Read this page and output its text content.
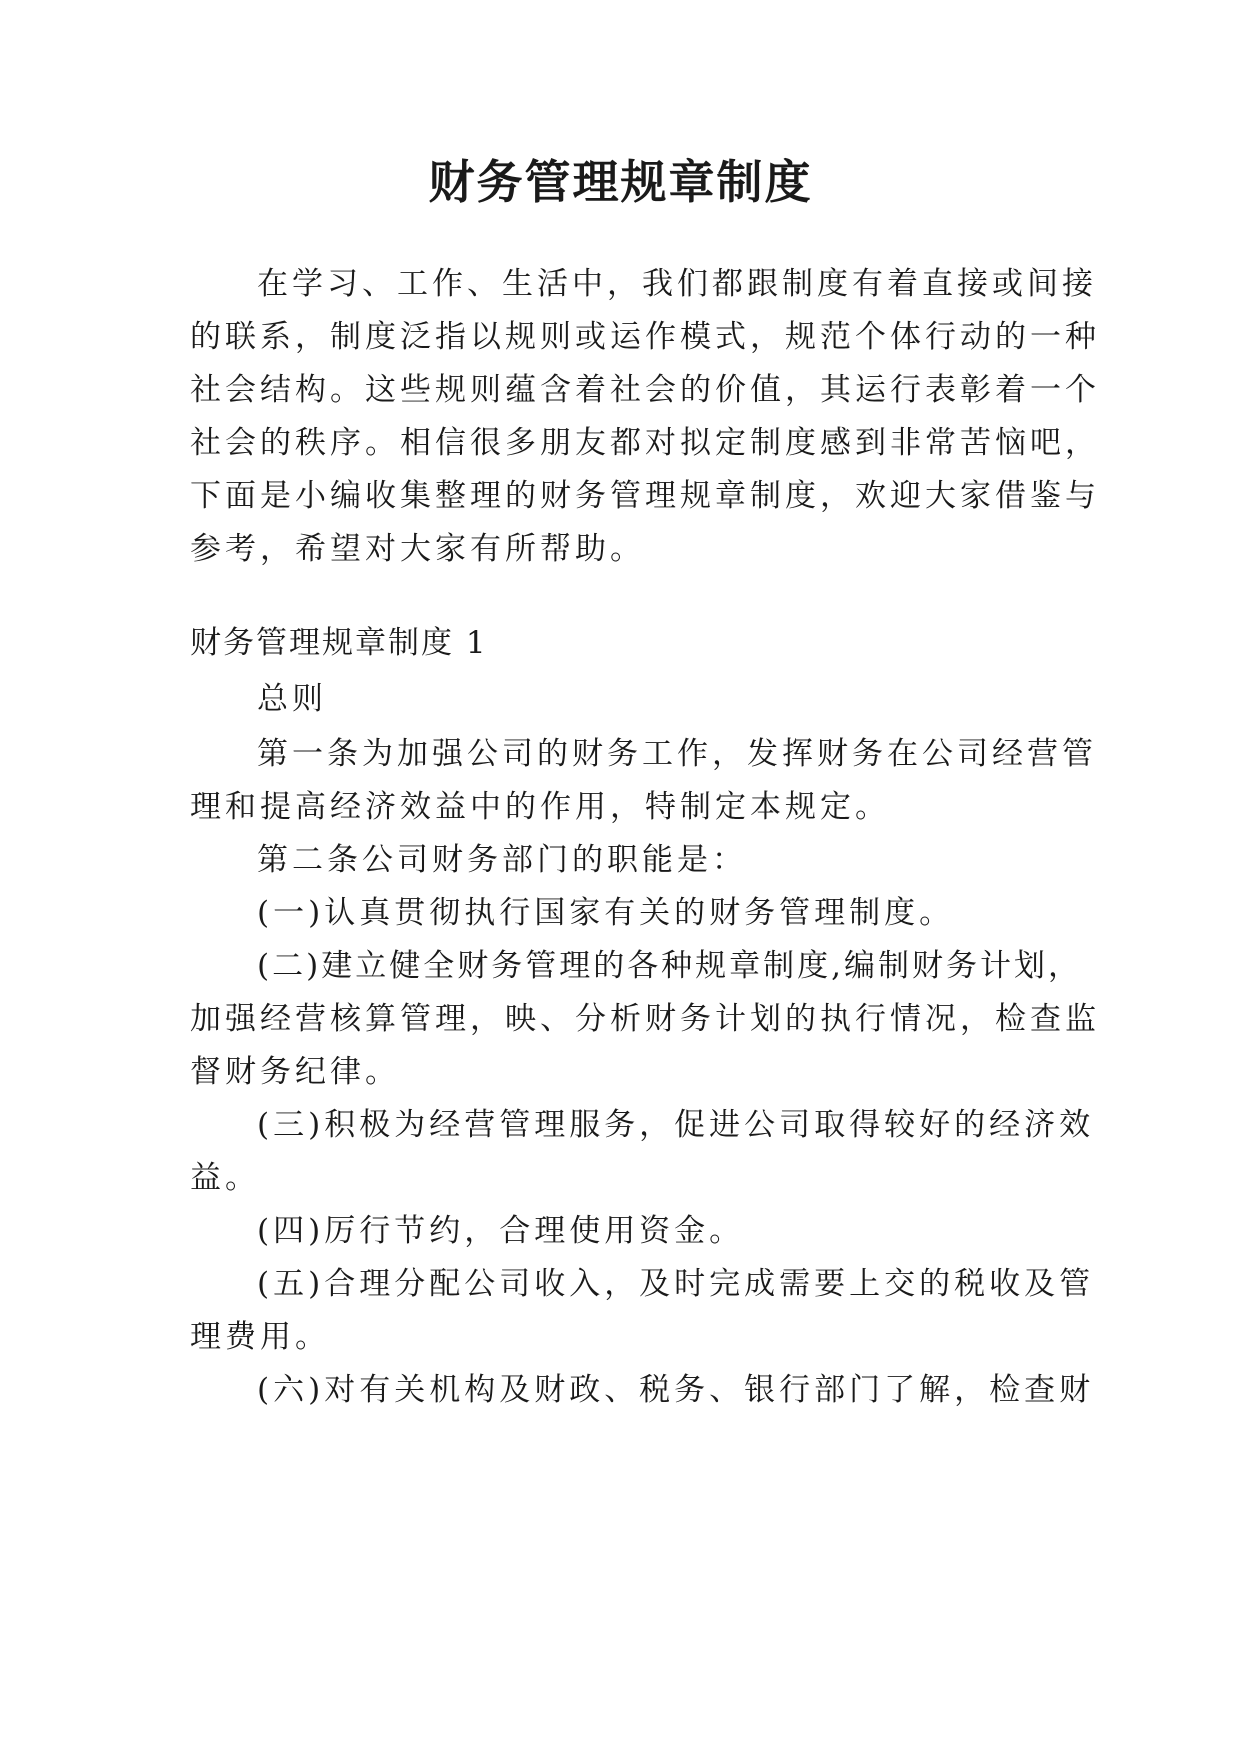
财务管理规章制度
在学习、工作、生活中，我们都跟制度有着直接或间接
的联系，制度泛指以规则或运作模式，规范个体行动的一种
社会结构。这些规则蕴含着社会的价值，其运行表彰着一个
社会的秩序。相信很多朋友都对拟定制度感到非常苦恼吧，
下面是小编收集整理的财务管理规章制度，欢迎大家借鉴与
参考，希望对大家有所帮助。
财务管理规章制度 1
总则
第一条为加强公司的财务工作，发挥财务在公司经营管
理和提高经济效益中的作用，特制定本规定。
第二条公司财务部门的职能是：
(一)认真贯彻执行国家有关的财务管理制度。
(二)建立健全财务管理的各种规章制度,编制财务计划，
加强经营核算管理，映、分析财务计划的执行情况，检查监
督财务纪律。
(三)积极为经营管理服务，促进公司取得较好的经济效
益。
(四)厉行节约，合理使用资金。
(五)合理分配公司收入，及时完成需要上交的税收及管
理费用。
(六)对有关机构及财政、税务、银行部门了解，检查财
